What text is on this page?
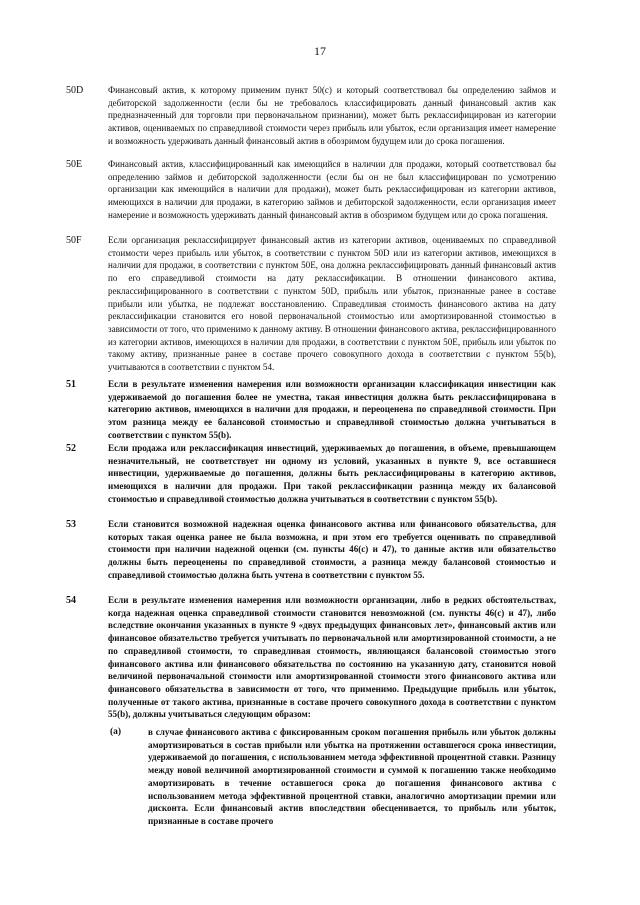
17
50D	Финансовый актив, к которому применим пункт 50(с) и который соответствовал бы определению займов и дебиторской задолженности (если бы не требовалось классифицировать данный финансовый актив как предназначенный для торговли при первоначальном признании), может быть реклассифицирован из категории активов, оцениваемых по справедливой стоимости через прибыль или убыток, если организация имеет намерение и возможность удерживать данный финансовый актив в обозримом будущем или до срока погашения.
50E	Финансовый актив, классифицированный как имеющийся в наличии для продажи, который соответствовал бы определению займов и дебиторской задолженности (если бы он не был классифицирован по усмотрению организации как имеющийся в наличии для продажи), может быть реклассифицирован из категории активов, имеющихся в наличии для продажи, в категорию займов и дебиторской задолженности, если организация имеет намерение и возможность удерживать данный финансовый актив в обозримом будущем или до срока погашения.
50F	Если организация реклассифицирует финансовый актив из категории активов, оцениваемых по справедливой стоимости через прибыль или убыток, в соответствии с пунктом 50D или из категории активов, имеющихся в наличии для продажи, в соответствии с пунктом 50E, она должна реклассифицировать данный финансовый актив по его справедливой стоимости на дату реклассификации. В отношении финансового актива, реклассифицированного в соответствии с пунктом 50D, прибыль или убыток, признанные ранее в составе прибыли или убытка, не подлежат восстановлению. Справедливая стоимость финансового актива на дату реклассификации становится его новой первоначальной стоимостью или амортизированной стоимостью в зависимости от того, что применимо к данному активу. В отношении финансового актива, реклассифицированного из категории активов, имеющихся в наличии для продажи, в соответствии с пунктом 50E, прибыль или убыток по такому активу, признанные ранее в составе прочего совокупного дохода в соответствии с пунктом 55(b), учитываются в соответствии с пунктом 54.
51	Если в результате изменения намерения или возможности организации классификация инвестиции как удерживаемой до погашения более не уместна, такая инвестиция должна быть реклассифицирована в категорию активов, имеющихся в наличии для продажи, и переоценена по справедливой стоимости. При этом разница между ее балансовой стоимостью и справедливой стоимостью должна учитываться в соответствии с пунктом 55(b).
52	Если продажа или реклассификация инвестиций, удерживаемых до погашения, в объеме, превышающем незначительный, не соответствует ни одному из условий, указанных в пункте 9, все оставшиеся инвестиции, удерживаемые до погашения, должны быть реклассифицированы в категорию активов, имеющихся в наличии для продажи. При такой реклассификации разница между их балансовой стоимостью и справедливой стоимостью должна учитываться в соответствии с пунктом 55(b).
53	Если становится возможной надежная оценка финансового актива или финансового обязательства, для которых такая оценка ранее не была возможна, и при этом его требуется оценивать по справедливой стоимости при наличии надежной оценки (см. пункты 46(с) и 47), то данные актив или обязательство должны быть переоценены по справедливой стоимости, а разница между балансовой стоимостью и справедливой стоимостью должна быть учтена в соответствии с пунктом 55.
54	Если в результате изменения намерения или возможности организации, либо в редких обстоятельствах, когда надежная оценка справедливой стоимости становится невозможной (см. пункты 46(с) и 47), либо вследствие окончания указанных в пункте 9 «двух предыдущих финансовых лет», финансовый актив или финансовое обязательство требуется учитывать по первоначальной или амортизированной стоимости, а не по справедливой стоимости, то справедливая стоимость, являющаяся балансовой стоимостью этого финансового актива или финансового обязательства по состоянию на указанную дату, становится новой величиной первоначальной стоимости или амортизированной стоимости этого финансового актива или финансового обязательства в зависимости от того, что применимо. Предыдущие прибыль или убыток, полученные от такого актива, признанные в составе прочего совокупного дохода в соответствии с пунктом 55(b), должны учитываться следующим образом:
(a)	в случае финансового актива с фиксированным сроком погашения прибыль или убыток должны амортизироваться в состав прибыли или убытка на протяжении оставшегося срока инвестиции, удерживаемой до погашения, с использованием метода эффективной процентной ставки. Разницу между новой величиной амортизированной стоимости и суммой к погашению также необходимо амортизировать в течение оставшегося срока до погашения финансового актива с использованием метода эффективной процентной ставки, аналогично амортизации премии или дисконта. Если финансовый актив впоследствии обесценивается, то прибыль или убыток, признанные в составе прочего
